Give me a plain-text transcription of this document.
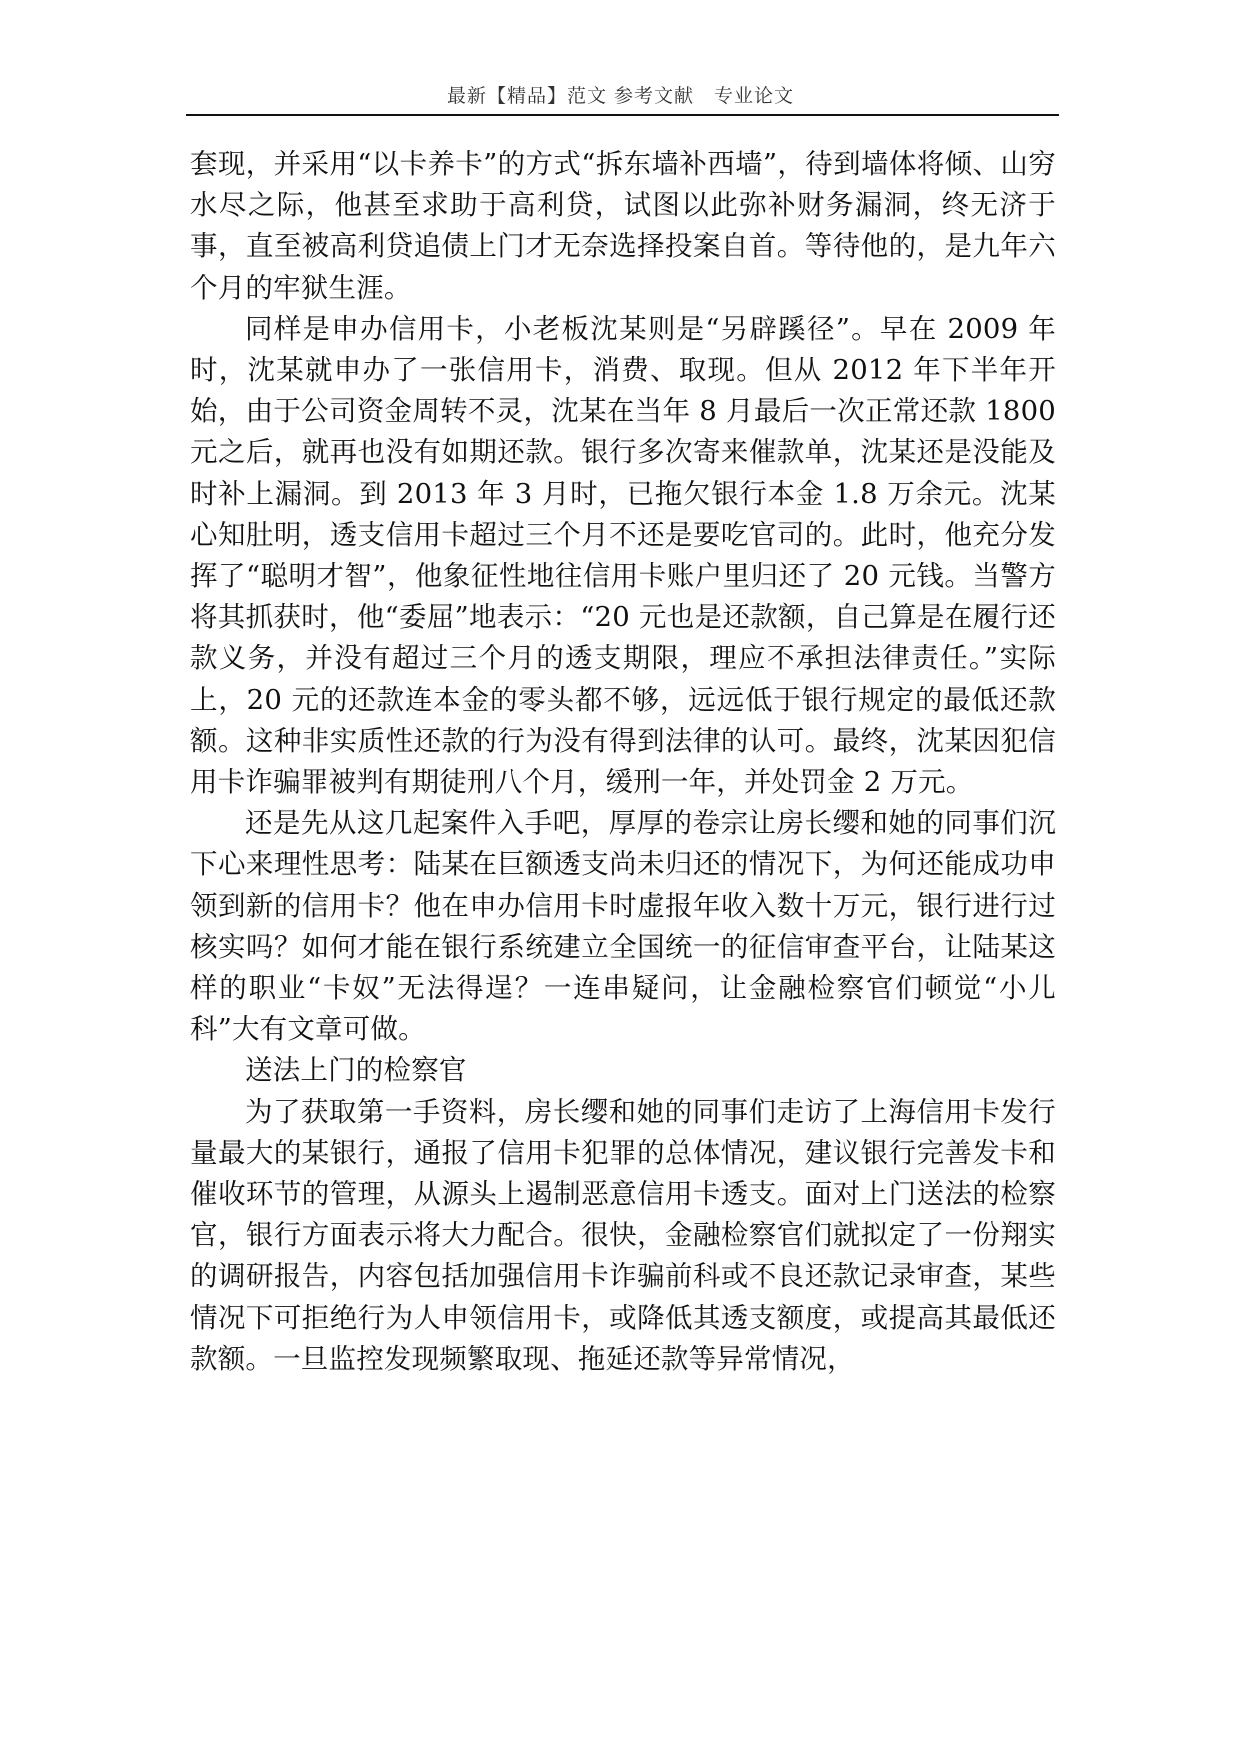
最新【精品】范文 参考文献　专业论文

套现，并采用“以卡养卡”的方式“拆东墙补西墙”，待到墙体将倾、山穷水尽之际，他甚至求助于高利贷，试图以此弥补财务漏洞，终无济于事，直至被高利贷追债上门才无奈选择投案自首。等待他的，是九年六个月的牢狱生涯。

同样是申办信用卡，小老板沈某则是“另辟蹊径”。早在 2009 年时，沈某就申办了一张信用卡，消费、取现。但从 2012 年下半年开始，由于公司资金周转不灵，沈某在当年 8 月最后一次正常还款 1800 元之后，就再也没有如期还款。银行多次寄来催款单，沈某还是没能及时补上漏洞。到 2013 年 3 月时，已拖欠银行本金 1.8 万余元。沈某心知肚明，透支信用卡超过三个月不还是要吃官司的。此时，他充分发挥了“聪明才智”，他象征性地往信用卡账户里归还了 20 元钱。当警方将其抓获时，他“委屈”地表示：“20 元也是还款额，自己算是在履行还款义务，并没有超过三个月的透支期限，理应不承担法律责任。”实际上，20 元的还款连本金的零头都不够，远远低于银行规定的最低还款额。这种非实质性还款的行为没有得到法律的认可。最终，沈某因犯信用卡诈骗罪被判有期徒刑八个月，缓刑一年，并处罚金 2 万元。

还是先从这几起案件入手吧，厚厚的卷宗让房长缨和她的同事们沉下心来理性思考：陆某在巨额透支尚未归还的情况下，为何还能成功申领到新的信用卡？他在申办信用卡时虚报年收入数十万元，银行进行过核实吗？如何才能在银行系统建立全国统一的征信审查平台，让陆某这样的职业“卡奴”无法得逞？一连串疑问，让金融检察官们顿觉“小儿科”大有文章可做。

送法上门的检察官

为了获取第一手资料，房长缨和她的同事们走访了上海信用卡发行量最大的某银行，通报了信用卡犯罪的总体情况，建议银行完善发卡和催收环节的管理，从源头上遏制恶意信用卡透支。面对上门送法的检察官，银行方面表示将大力配合。很快，金融检察官们就拟定了一份翔实的调研报告，内容包括加强信用卡诈骗前科或不良还款记录审查，某些情况下可拒绝行为人申领信用卡，或降低其透支额度，或提高其最低还款额。一旦监控发现频繁取现、拖延还款等异常情况，
